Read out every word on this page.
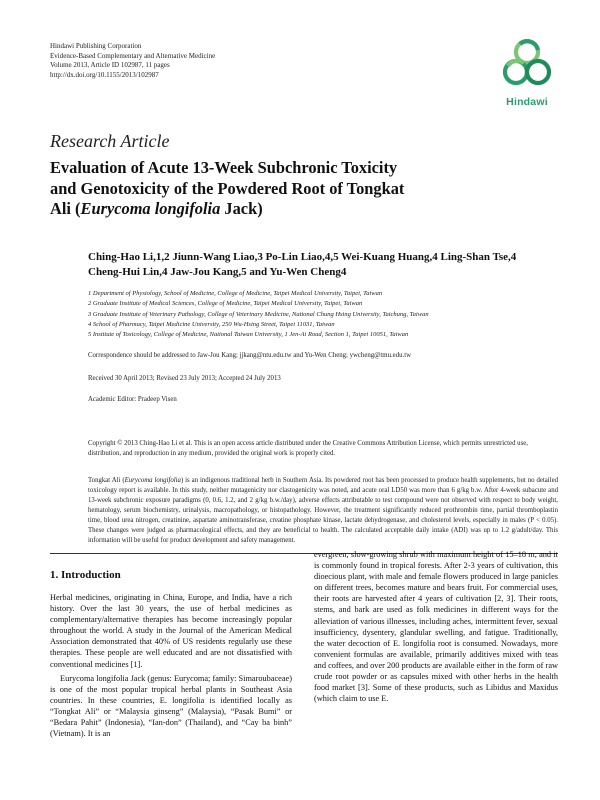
Hindawi Publishing Corporation
Evidence-Based Complementary and Alternative Medicine
Volume 2013, Article ID 102987, 11 pages
http://dx.doi.org/10.1155/2013/102987
Hindawi
Research Article
Evaluation of Acute 13-Week Subchronic Toxicity
and Genotoxicity of the Powdered Root of Tongkat
Ali (Eurycoma longifolia Jack)
Ching-Hao Li,1,2 Jiunn-Wang Liao,3 Po-Lin Liao,4,5 Wei-Kuang Huang,4 Ling-Shan Tse,4
Cheng-Hui Lin,4 Jaw-Jou Kang,5 and Yu-Wen Cheng4
1 Department of Physiology, School of Medicine, College of Medicine, Taipei Medical University, Taipei, Taiwan
2 Graduate Institute of Medical Sciences, College of Medicine, Taipei Medical University, Taipei, Taiwan
3 Graduate Institute of Veterinary Pathology, College of Veterinary Medicine, National Chung Hsing University, Taichung, Taiwan
4 School of Pharmacy, Taipei Medicine University, 250 Wu-Hsing Street, Taipei 11031, Taiwan
5 Institute of Toxicology, College of Medicine, National Taiwan University, 1 Jen-Ai Road, Section 1, Taipei 10051, Taiwan
Correspondence should be addressed to Jaw-Jou Kang; jjkang@ntu.edu.tw and Yu-Wen Cheng; ywcheng@tmu.edu.tw
Received 30 April 2013; Revised 23 July 2013; Accepted 24 July 2013
Academic Editor: Pradeep Visen
Copyright © 2013 Ching-Hao Li et al. This is an open access article distributed under the Creative Commons Attribution License, which permits unrestricted use, distribution, and reproduction in any medium, provided the original work is properly cited.
Tongkat Ali (Eurycoma longifolia) is an indigenous traditional herb in Southern Asia. Its powdered root has been processed to produce health supplements, but no detailed toxicology report is available. In this study, neither mutagenicity nor clastogenicity was noted, and acute oral LD50 was more than 6 g/kg b.w. After 4-week subacute and 13-week subchronic exposure paradigms (0, 0.6, 1.2, and 2 g/kg b.w./day), adverse effects attributable to test compound were not observed with respect to body weight, hematology, serum biochemistry, urinalysis, macropathology, or histopathology. However, the treatment significantly reduced prothrombin time, partial thromboplastin time, blood urea nitrogen, creatinine, aspartate aminotransferase, creatine phosphate kinase, lactate dehydrogenase, and cholesterol levels, especially in males (P < 0.05). These changes were judged as pharmacological effects, and they are beneficial to health. The calculated acceptable daily intake (ADI) was up to 1.2 g/adult/day. This information will be useful for product development and safety management.
1. Introduction

Herbal medicines, originating in China, Europe, and India, have a rich history. Over the last 30 years, the use of herbal medicines as complementary/alternative therapies has become increasingly popular throughout the world. A study in the Journal of the American Medical Association demonstrated that 40% of US residents regularly use these therapies. These people are well educated and are not dissatisfied with conventional medicines [1].

Eurycoma longifolia Jack (genus: Eurycoma; family: Simaroubaceae) is one of the most popular tropical herbal plants in Southeast Asia countries. In these countries, E. longifolia is identified locally as “Tongkat Ali” or “Malaysia ginseng” (Malaysia), “Pasak Bumi” or “Bedara Pahit” (Indonesia), “Ian-don” (Thailand), and “Cay ba binh” (Vietnam). It is an

evergreen, slow-growing shrub with maximum height of 15–18 m, and it is commonly found in tropical forests. After 2-3 years of cultivation, this dioecious plant, with male and female flowers produced in large panicles on different trees, becomes mature and bears fruit. For commercial uses, their roots are harvested after 4 years of cultivation [2, 3]. Their roots, stems, and bark are used as folk medicines in different ways for the alleviation of various illnesses, including aches, intermittent fever, sexual insufficiency, dysentery, glandular swelling, and fatigue. Traditionally, the water decoction of E. longifolia root is consumed. Nowadays, more convenient formulas are available, primarily additives mixed with teas and coffees, and over 200 products are available either in the form of raw crude root powder or as capsules mixed with other herbs in the health food market [3]. Some of these products, such as Libidus and Maxidus (which claim to use E.
